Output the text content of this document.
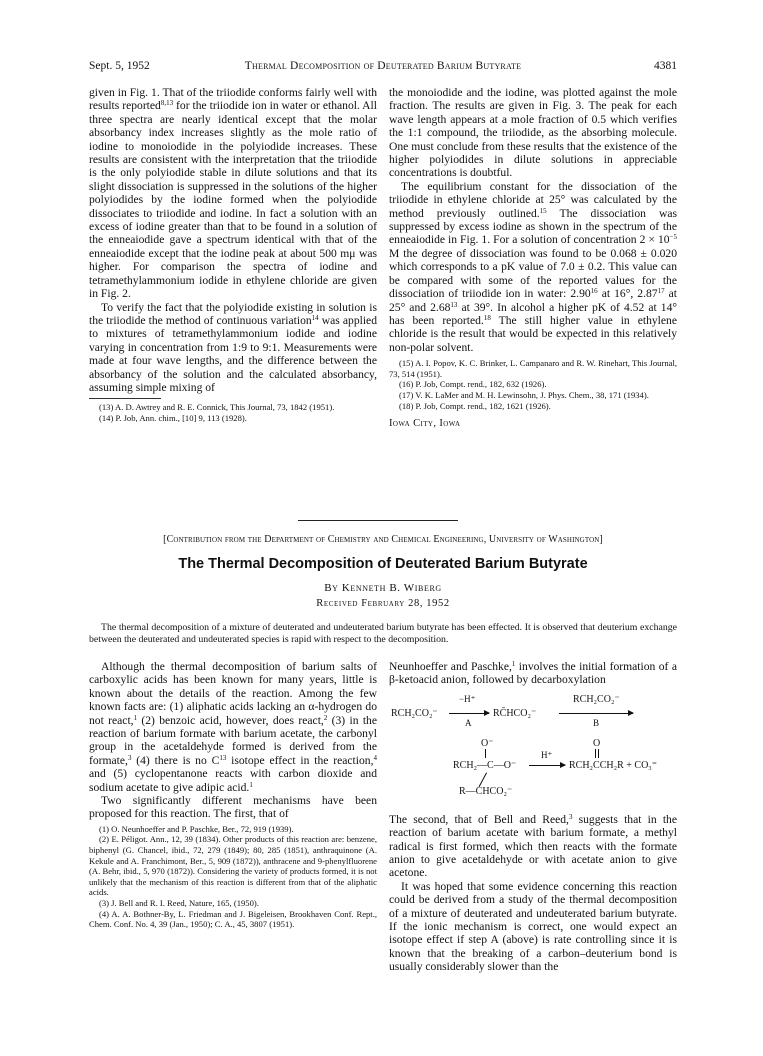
Sept. 5, 1952	Thermal Decomposition of Deuterated Barium Butyrate	4381

given in Fig. 1. That of the triiodide conforms fairly well with results reported$^{8,13}$ for the triiodide ion in water or ethanol. All three spectra are nearly identical except that the molar absorbancy index increases slightly as the mole ratio of iodine to monoiodide in the polyiodide increases. These results are consistent with the interpretation that the triiodide is the only polyiodide stable in dilute solutions and that its slight dissociation is suppressed in the solutions of the higher polyiodides by the iodine formed when the polyiodide dissociates to triiodide and iodine. In fact a solution with an excess of iodine greater than that to be found in a solution of the enneaiodide gave a spectrum identical with that of the enneaiodide except that the iodine peak at about 500 mμ was higher. For comparison the spectra of iodine and tetramethylammonium iodide in ethylene chloride are given in Fig. 2.

To verify the fact that the polyiodide existing in solution is the triiodide the method of continuous variation$^{14}$ was applied to mixtures of tetramethylammonium iodide and iodine varying in concentration from 1:9 to 9:1. Measurements were made at four wave lengths, and the difference between the absorbancy of the solution and the calculated absorbancy, assuming simple mixing of

(13) A. D. Awtrey and R. E. Connick, This Journal, 73, 1842 (1951).

(14) P. Job, Ann. chim., [10] 9, 113 (1928).

the monoiodide and the iodine, was plotted against the mole fraction. The results are given in Fig. 3. The peak for each wave length appears at a mole fraction of 0.5 which verifies the 1:1 compound, the triiodide, as the absorbing molecule. One must conclude from these results that the existence of the higher polyiodides in dilute solutions in appreciable concentrations is doubtful.

The equilibrium constant for the dissociation of the triiodide in ethylene chloride at 25° was calculated by the method previously outlined.$^{15}$ The dissociation was suppressed by excess iodine as shown in the spectrum of the enneaiodide in Fig. 1. For a solution of concentration $2 \times 10^{-5}$ M the degree of dissociation was found to be 0.068 ± 0.020 which corresponds to a pK value of 7.0 ± 0.2. This value can be compared with some of the reported values for the dissociation of triiodide ion in water: 2.90$^{16}$ at 16°, 2.87$^{17}$ at 25° and 2.68$^{13}$ at 39°. In alcohol a higher pK of 4.52 at 14° has been reported.$^{18}$ The still higher value in ethylene chloride is the result that would be expected in this relatively non-polar solvent.

(15) A. I. Popov, K. C. Brinker, L. Campanaro and R. W. Rinehart, This Journal, 73, 514 (1951).

(16) P. Job, Compt. rend., 182, 632 (1926).

(17) V. K. LaMer and M. H. Lewinsohn, J. Phys. Chem., 38, 171 (1934).

(18) P. Job, Compt. rend., 182, 1621 (1926).

Iowa City, Iowa

[Contribution from the Department of Chemistry and Chemical Engineering, University of Washington]
The Thermal Decomposition of Deuterated Barium Butyrate
By Kenneth B. Wiberg
Received February 28, 1952
The thermal decomposition of a mixture of deuterated and undeuterated barium butyrate has been effected. It is observed that deuterium exchange between the deuterated and undeuterated species is rapid with respect to the decomposition.

Although the thermal decomposition of barium salts of carboxylic acids has been known for many years, little is known about the details of the reaction. Among the few known facts are: (1) aliphatic acids lacking an α-hydrogen do not react,$^1$ (2) benzoic acid, however, does react,$^2$ (3) in the reaction of barium formate with barium acetate, the carbonyl group in the acetaldehyde formed is derived from the formate,$^3$ (4) there is no $C^{13}$ isotope effect in the reaction,$^4$ and (5) cyclopentanone reacts with carbon dioxide and sodium acetate to give adipic acid.$^1$

Two significantly different mechanisms have been proposed for this reaction. The first, that of

(1) O. Neunhoeffer and P. Paschke, Ber., 72, 919 (1939).

(2) E. Péligot. Ann., 12, 39 (1834). Other products of this reaction are: benzene, biphenyl (G. Chancel, ibid., 72, 279 (1849); 80, 285 (1851), anthraquinone (A. Kekule and A. Franchimont, Ber., 5, 909 (1872)), anthracene and 9-phenylfluorene (A. Behr, ibid., 5, 970 (1872)). Considering the variety of products formed, it is not unlikely that the mechanism of this reaction is different from that of the aliphatic acids.

(3) J. Bell and R. I. Reed, Nature, 165, (1950).

(4) A. A. Bothner-By, L. Friedman and J. Bigeleisen, Brookhaven Conf. Rept., Chem. Conf. No. 4, 39 (Jan., 1950); C. A., 45, 3807 (1951).

Neunhoeffer and Paschke,$^1$ involves the initial formation of a β-ketoacid anion, followed by decarboxylation

RCH₂CO₂⁻
−H⁺
A
RC̄HCO₂⁻
RCH₂CO₂⁻
B
O⁻
RCH₂—C—O⁻
R—CHCO₂⁻
H⁺
O
RCH₂CCH₂R + CO₃⁼

The second, that of Bell and Reed,$^3$ suggests that in the reaction of barium acetate with barium formate, a methyl radical is first formed, which then reacts with the formate anion to give acetaldehyde or with acetate anion to give acetone.

It was hoped that some evidence concerning this reaction could be derived from a study of the thermal decomposition of a mixture of deuterated and undeuterated barium butyrate. If the ionic mechanism is correct, one would expect an isotope effect if step A (above) is rate controlling since it is known that the breaking of a carbon–deuterium bond is usually considerably slower than the
